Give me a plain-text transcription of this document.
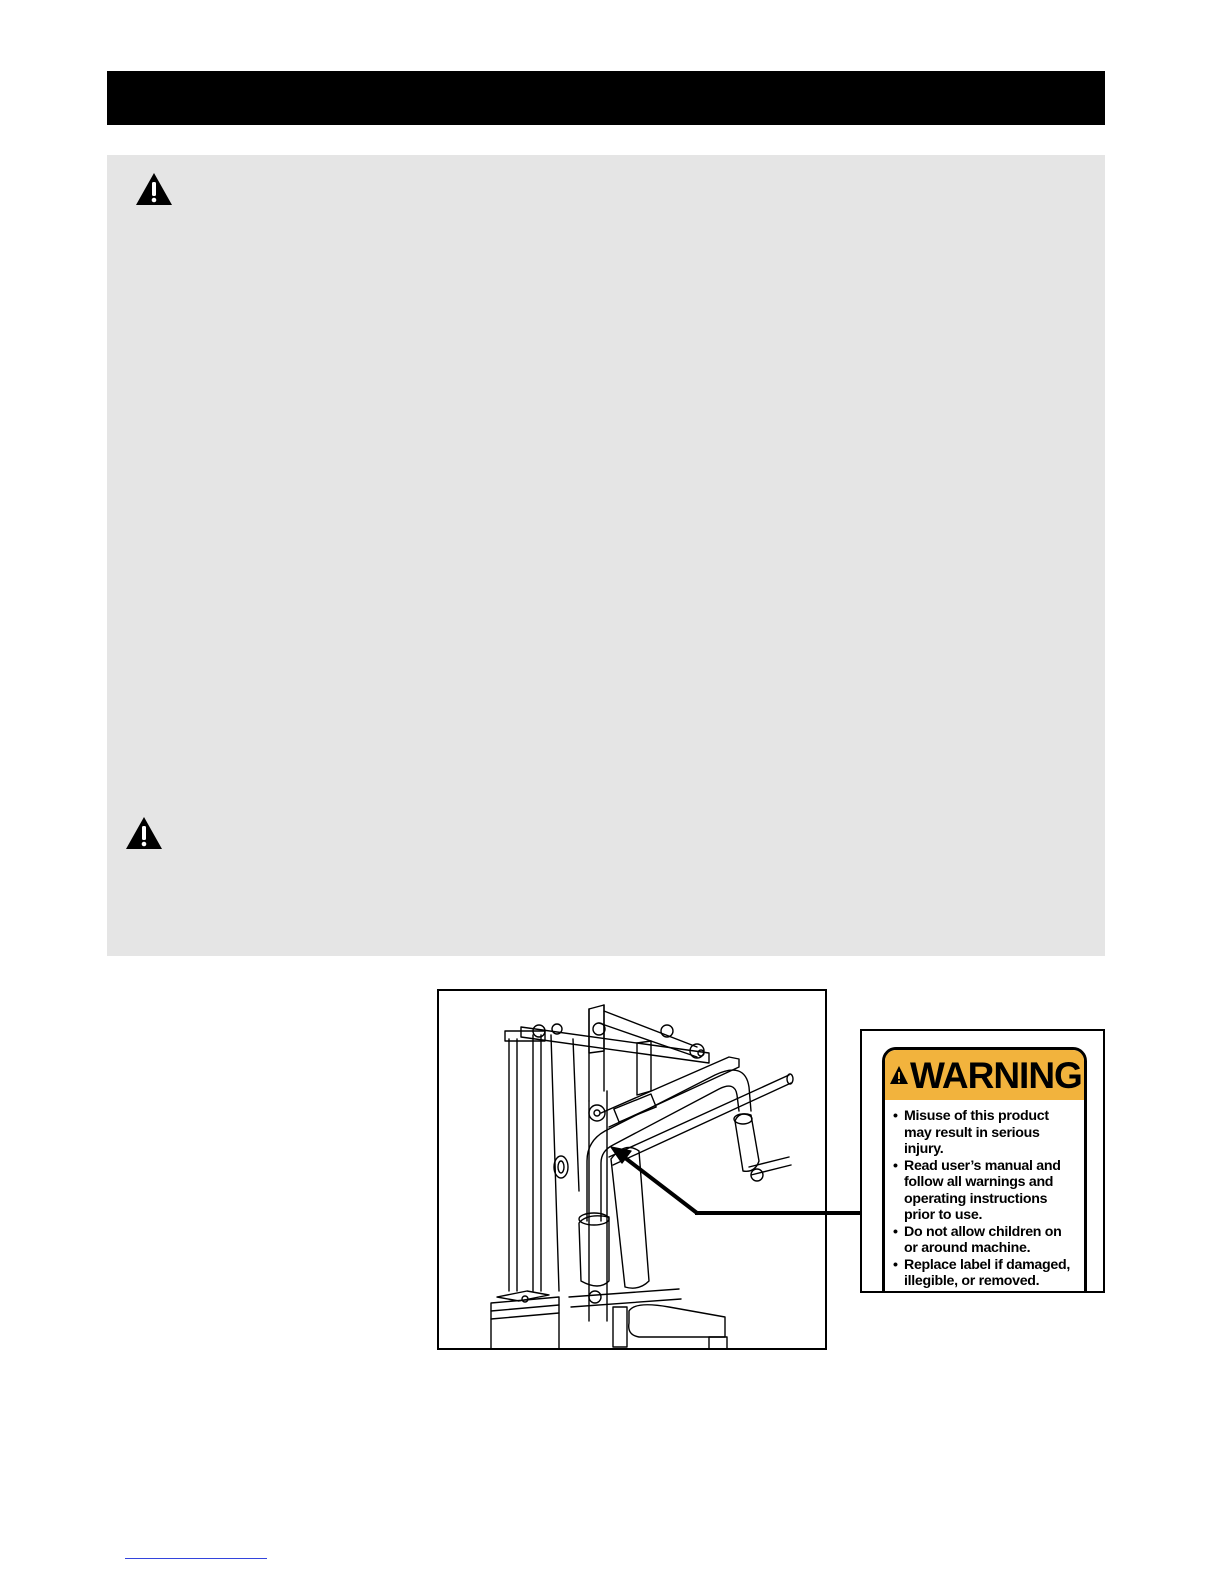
WARNING
• Misuse of this product may result in serious injury.
• Read user’s manual and follow all warnings and operating instructions prior to use.
• Do not allow children on or around machine.
• Replace label if damaged, illegible, or removed.
